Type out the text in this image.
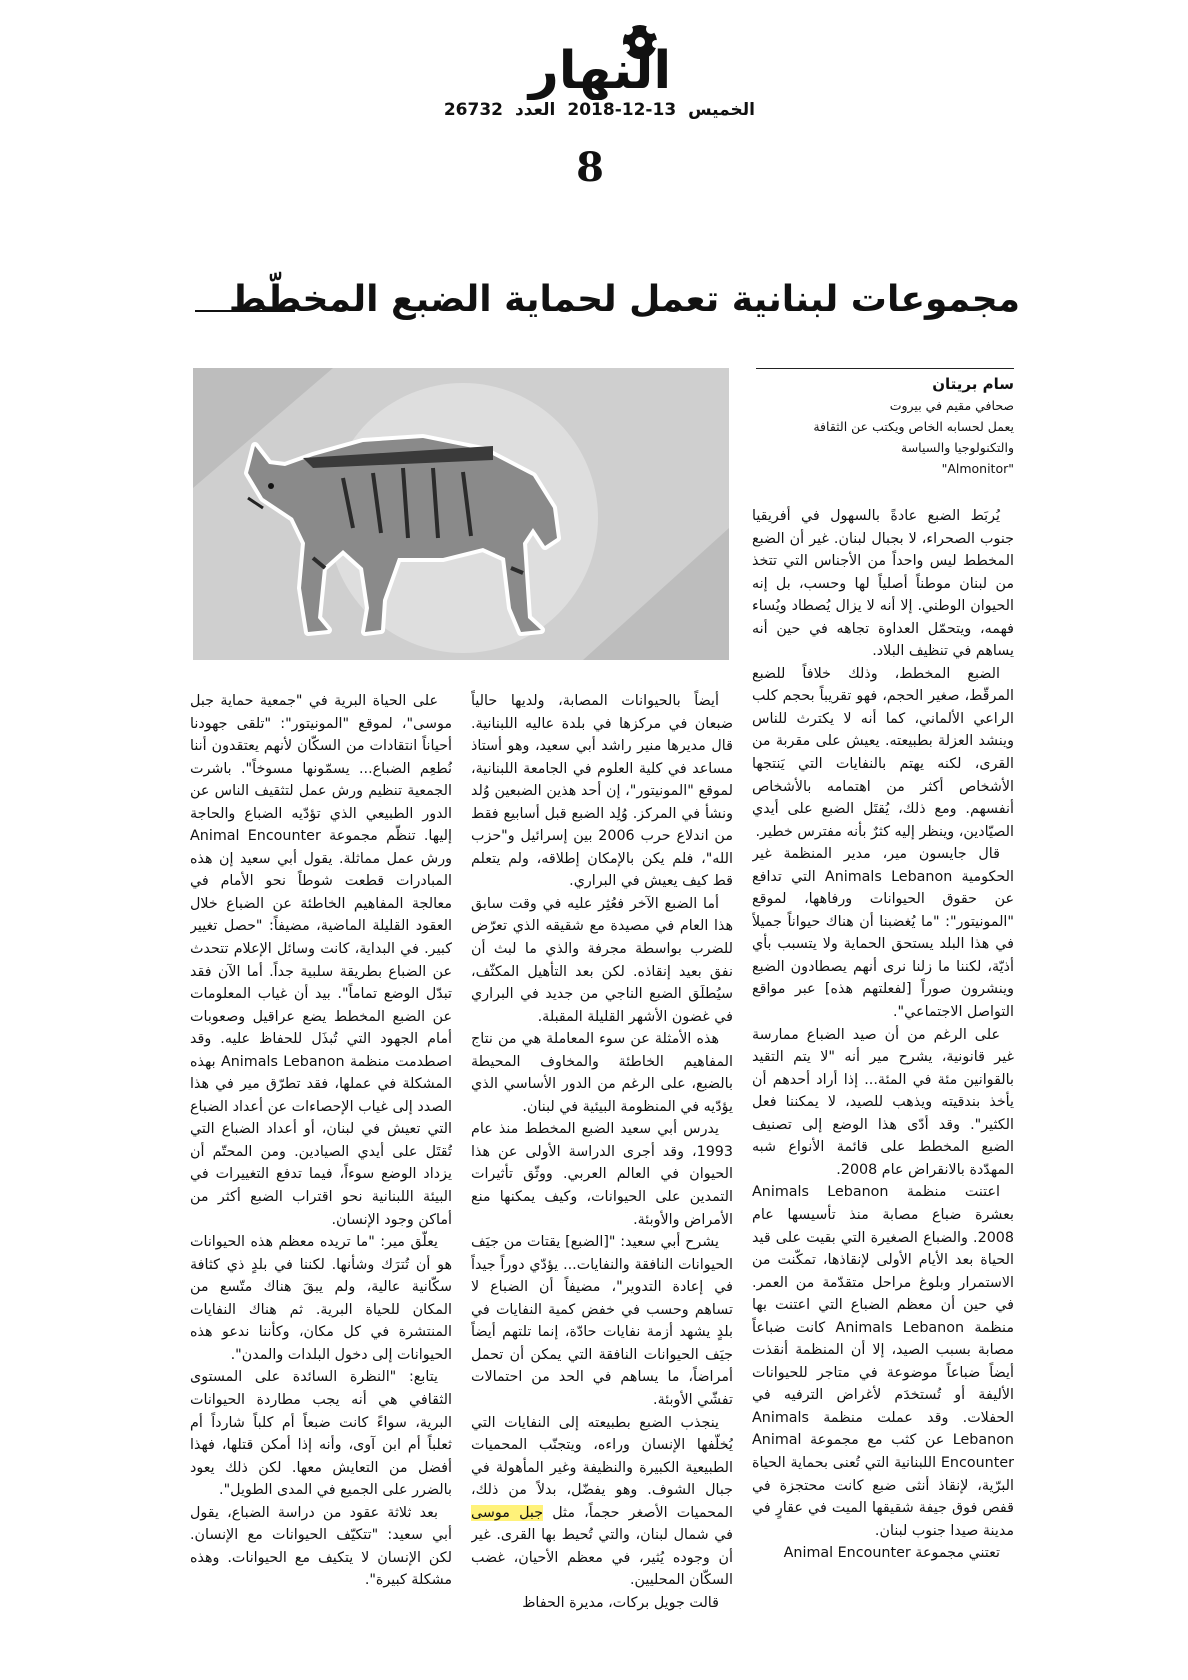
النهار
الخميس13-12-2018العدد26732
8
مجموعات لبنانية تعمل لحماية الضبع المخطّط
سام بريتان
صحافي مقيم في بيروت
يعمل لحسابه الخاص ويكتب عن الثقافة
والتكنولوجيا والسياسة
"Almonitor"

يُربَط الضبع عادةً بالسهول في أفريقيا جنوب الصحراء، لا بجبال لبنان. غير أن الضبع المخطط ليس واحداً من الأجناس التي تتخذ من لبنان موطناً أصلياً لها وحسب، بل إنه الحيوان الوطني. إلا أنه لا يزال يُصطاد ويُساء فهمه، ويتحمّل العداوة تجاهه في حين أنه يساهم في تنظيف البلاد.

الضبع المخطط، وذلك خلافاً للضبع المرقّط، صغير الحجم، فهو تقريباً بحجم كلب الراعي الألماني، كما أنه لا يكترث للناس وينشد العزلة بطبيعته. يعيش على مقربة من القرى، لكنه يهتم بالنفايات التي يَنتجها الأشخاص أكثر من اهتمامه بالأشخاص أنفسهم. ومع ذلك، يُقتَل الضبع على أيدي الصيّادين، وينظر إليه كثرٌ بأنه مفترس خطير.

قال جايسون مير، مدير المنظمة غير الحكومية Animals Lebanon التي تدافع عن حقوق الحيوانات ورفاهها، لموقع "المونيتور": "ما يُغضبنا أن هناك حيواناً جميلاً في هذا البلد يستحق الحماية ولا يتسبب بأي أذيّة، لكننا ما زلنا نرى أنهم يصطادون الضبع وينشرون صوراً [لفعلتهم هذه] عبر مواقع التواصل الاجتماعي".

على الرغم من أن صيد الضباع ممارسة غير قانونية، يشرح مير أنه "لا يتم التقيد بالقوانين مئة في المئة... إذا أراد أحدهم أن يأخذ بندقيته ويذهب للصيد، لا يمكننا فعل الكثير". وقد أدّى هذا الوضع إلى تصنيف الضبع المخطط على قائمة الأنواع شبه المهدّدة بالانقراض عام 2008.

اعتنت منظمة Animals Lebanon بعشرة ضباع مصابة منذ تأسيسها عام 2008. والضباع الصغيرة التي بقيت على قيد الحياة بعد الأيام الأولى لإنقاذها، تمكّنت من الاستمرار وبلوغ مراحل متقدّمة من العمر. في حين أن معظم الضباع التي اعتنت بها منظمة Animals Lebanon كانت ضباعاً مصابة بسبب الصيد، إلا أن المنظمة أنقذت أيضاً ضباعاً موضوعة في متاجر للحيوانات الأليفة أو تُستخدَم لأغراض الترفيه في الحفلات. وقد عملت منظمة Animals Lebanon عن كثب مع مجموعة Animal Encounter اللبنانية التي تُعنى بحماية الحياة البرّية، لإنقاذ أنثى ضبع كانت محتجزة في قفص فوق جيفة شقيقها الميت في عقارٍ في مدينة صيدا جنوب لبنان.

تعتني مجموعة Animal Encounter

أيضاً بالحيوانات المصابة، ولديها حالياً ضبعان في مركزها في بلدة عاليه اللبنانية. قال مديرها منير راشد أبي سعيد، وهو أستاذ مساعد في كلية العلوم في الجامعة اللبنانية، لموقع "المونيتور"، إن أحد هذين الضبعين وُلد ونشأ في المركز. وُلِد الضبع قبل أسابيع فقط من اندلاع حرب 2006 بين إسرائيل و"حزب الله"، فلم يكن بالإمكان إطلاقه، ولم يتعلم قط كيف يعيش في البراري.

أما الضبع الآخر فعُثِر عليه في وقت سابق هذا العام في مصيدة مع شقيقه الذي تعرّض للضرب بواسطة مجرفة والذي ما لبث أن نفق بعيد إنقاذه. لكن بعد التأهيل المكثّف، سيُطلَق الضبع الناجي من جديد في البراري في غضون الأشهر القليلة المقبلة.

هذه الأمثلة عن سوء المعاملة هي من نتاج المفاهيم الخاطئة والمخاوف المحيطة بالضبع، على الرغم من الدور الأساسي الذي يؤدّيه في المنظومة البيئية في لبنان.

يدرس أبي سعيد الضبع المخطط منذ عام 1993، وقد أجرى الدراسة الأولى عن هذا الحيوان في العالم العربي. ووثّق تأثيرات التمدين على الحيوانات، وكيف يمكنها منع الأمراض والأوبئة.

يشرح أبي سعيد: "[الضبع] يقتات من جيَف الحيوانات النافقة والنفايات... يؤدّي دوراً جيداً في إعادة التدوير"، مضيفاً أن الضباع لا تساهم وحسب في خفض كمية النفايات في بلدٍ يشهد أزمة نفايات حادّة، إنما تلتهم أيضاً جيَف الحيوانات النافقة التي يمكن أن تحمل أمراضاً، ما يساهم في الحد من احتمالات تفشّي الأوبئة.

ينجذب الضبع بطبيعته إلى النفايات التي يُخلّفها الإنسان وراءه، ويتجنّب المحميات الطبيعية الكبيرة والنظيفة وغير المأهولة في جبال الشوف. وهو يفضّل، بدلاً من ذلك، المحميات الأصغر حجماً، مثل جبل موسى في شمال لبنان، والتي تُحيط بها القرى. غير أن وجوده يُثير، في معظم الأحيان، غضب السكّان المحليين.

قالت جويل بركات، مديرة الحفاظ

على الحياة البرية في "جمعية حماية جبل موسى"، لموقع "المونيتور": "تلقى جهودنا أحياناً انتقادات من السكّان لأنهم يعتقدون أننا نُطعِم الضباع... يسمّونها مسوخاً". باشرت الجمعية تنظيم ورش عمل لتثقيف الناس عن الدور الطبيعي الذي تؤدّيه الضباع والحاجة إليها. تنظّم مجموعة Animal Encounter ورش عمل مماثلة. يقول أبي سعيد إن هذه المبادرات قطعت شوطاً نحو الأمام في معالجة المفاهيم الخاطئة عن الضباع خلال العقود القليلة الماضية، مضيفاً: "حصل تغيير كبير. في البداية، كانت وسائل الإعلام تتحدث عن الضباع بطريقة سلبية جداً. أما الآن فقد تبدّل الوضع تماماً". بيد أن غياب المعلومات عن الضبع المخطط يضع عراقيل وصعوبات أمام الجهود التي تُبذَل للحفاظ عليه. وقد اصطدمت منظمة Animals Lebanon بهذه المشكلة في عملها، فقد تطرّق مير في هذا الصدد إلى غياب الإحصاءات عن أعداد الضباع التي تعيش في لبنان، أو أعداد الضباع التي تُقتَل على أيدي الصيادين. ومن المحتّم أن يزداد الوضع سوءاً، فيما تدفع التغييرات في البيئة اللبنانية نحو اقتراب الضبع أكثر من أماكن وجود الإنسان.

يعلّق مير: "ما تريده معظم هذه الحيوانات هو أن تُترَك وشأنها. لكننا في بلدٍ ذي كثافة سكّانية عالية، ولم يبقَ هناك متّسع من المكان للحياة البرية. ثم هناك النفايات المنتشرة في كل مكان، وكأننا ندعو هذه الحيوانات إلى دخول البلدات والمدن".

يتابع: "النظرة السائدة على المستوى الثقافي هي أنه يجب مطاردة الحيوانات البرية، سواءً كانت ضبعاً أم كلباً شارداً أم ثعلباً أم ابن آوى، وأنه إذا أمكن قتلها، فهذا أفضل من التعايش معها. لكن ذلك يعود بالضرر على الجميع في المدى الطويل".

بعد ثلاثة عقود من دراسة الضباع، يقول أبي سعيد: "تتكيّف الحيوانات مع الإنسان. لكن الإنسان لا يتكيف مع الحيوانات. وهذه مشكلة كبيرة".
